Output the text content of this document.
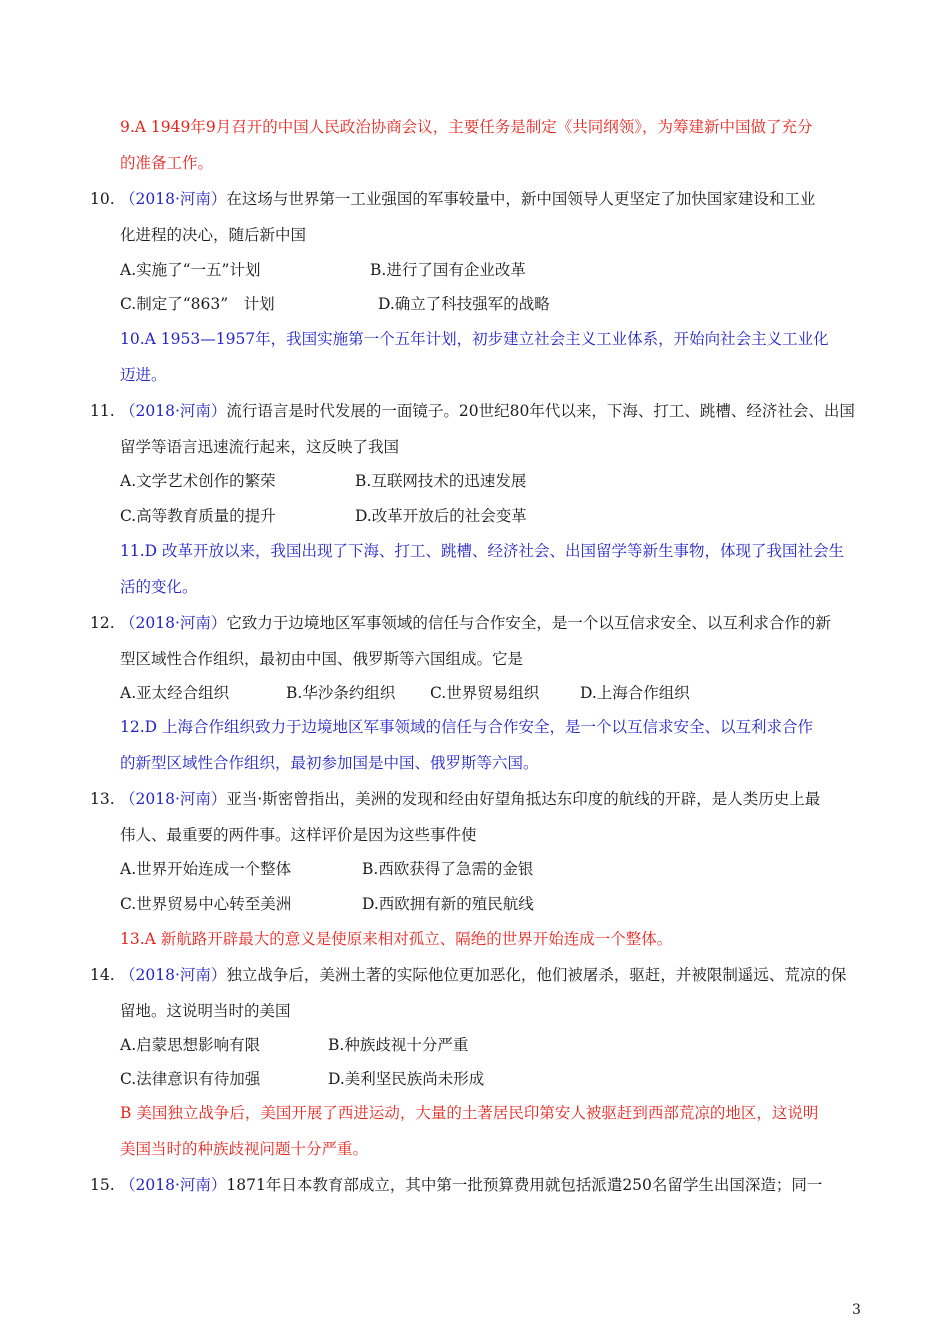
9.A 1949年9月召开的中国人民政治协商会议，主要任务是制定《共同纲领》，为筹建新中国做了充分
的准备工作。
10. （2018·河南）在这场与世界第一工业强国的军事较量中，新中国领导人更坚定了加快国家建设和工业
化进程的决心，随后新中国
A.实施了“一五”计划	B.进行了国有企业改革
C.制定了“863”　计划	D.确立了科技强军的战略
10.A 1953—1957年，我国实施第一个五年计划，初步建立社会主义工业体系，开始向社会主义工业化
迈进。
11. （2018·河南）流行语言是时代发展的一面镜子。20世纪80年代以来，下海、打工、跳槽、经济社会、出国
留学等语言迅速流行起来，这反映了我国
A.文学艺术创作的繁荣	B.互联网技术的迅速发展
C.高等教育质量的提升	D.改革开放后的社会变革
11.D 改革开放以来，我国出现了下海、打工、跳槽、经济社会、出国留学等新生事物，体现了我国社会生
活的变化。
12. （2018·河南）它致力于边境地区军事领域的信任与合作安全，是一个以互信求安全、以互利求合作的新
型区域性合作组织，最初由中国、俄罗斯等六国组成。它是
A.亚太经合组织	B.华沙条约组织 C.世界贸易组织	D.上海合作组织
12.D 上海合作组织致力于边境地区军事领域的信任与合作安全，是一个以互信求安全、以互利求合作
的新型区域性合作组织，最初参加国是中国、俄罗斯等六国。
13. （2018·河南）亚当·斯密曾指出，美洲的发现和经由好望角抵达东印度的航线的开辟，是人类历史上最
伟人、最重要的两件事。这样评价是因为这些事件使
A.世界开始连成一个整体	B.西欧获得了急需的金银
C.世界贸易中心转至美洲	D.西欧拥有新的殖民航线
13.A 新航路开辟最大的意义是使原来相对孤立、隔绝的世界开始连成一个整体。
14. （2018·河南）独立战争后，美洲土著的实际他位更加恶化，他们被屠杀，驱赶，并被限制遥远、荒凉的保
留地。这说明当时的美国
A.启蒙思想影响有限	B.种族歧视十分严重
C.法律意识有待加强	D.美利坚民族尚未形成
B 美国独立战争后，美国开展了西进运动，大量的土著居民印第安人被驱赶到西部荒凉的地区，这说明
美国当时的种族歧视问题十分严重。
15. （2018·河南）1871年日本教育部成立，其中第一批预算费用就包括派遣250名留学生出国深造；同一
3
